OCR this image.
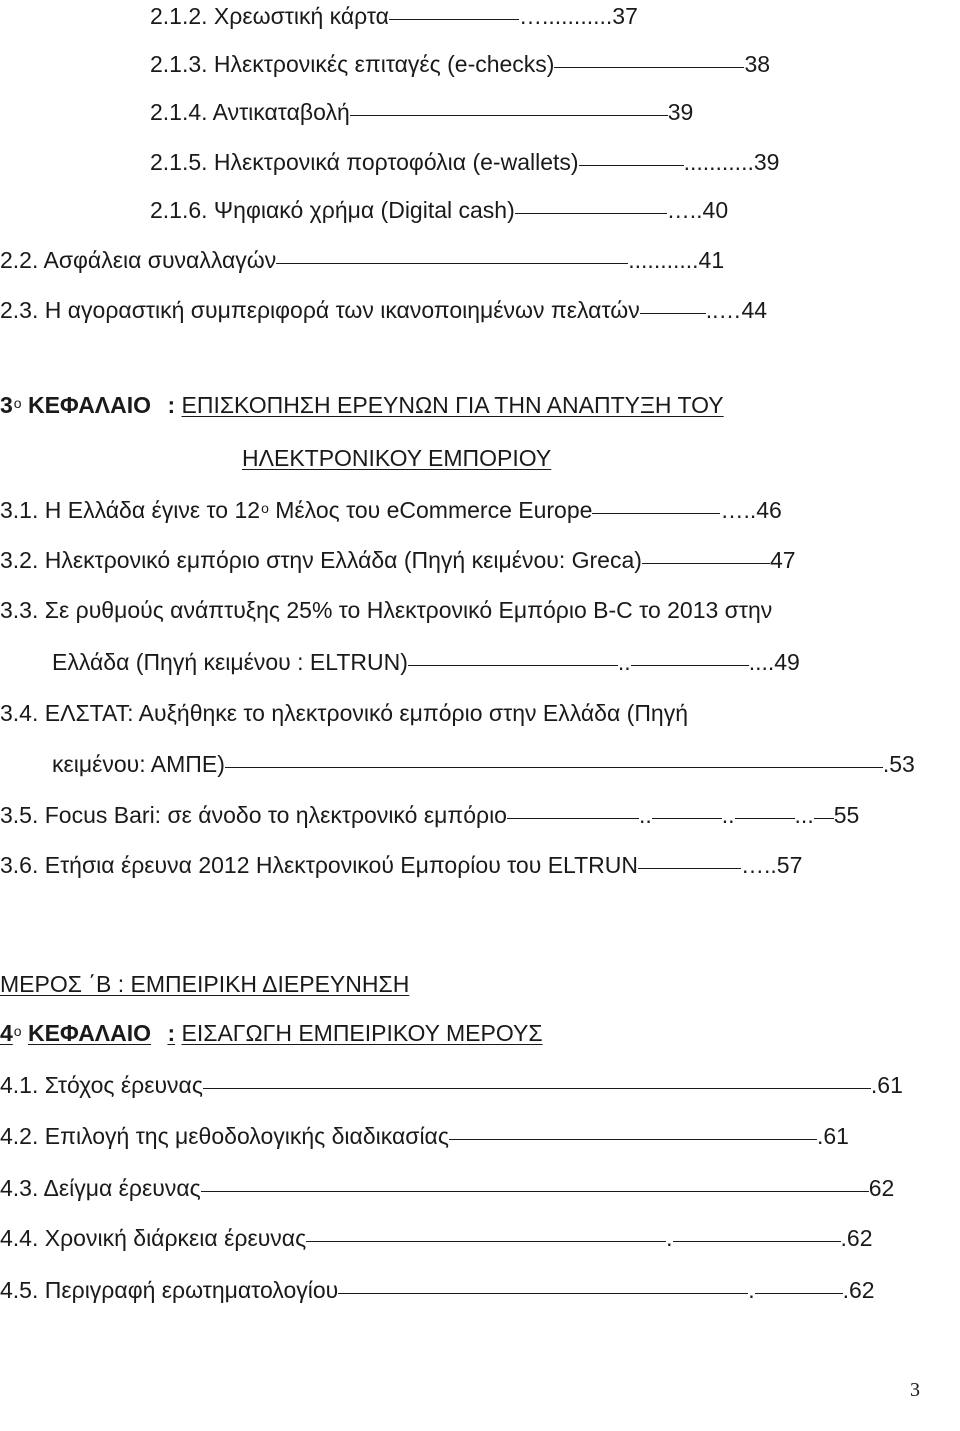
2.1.2. Χρεωστική κάρτα	…...........37
2.1.3. Ηλεκτρονικές επιταγές (e-checks)	38
2.1.4. Αντικαταβολή	39
2.1.5. Ηλεκτρονικά πορτοφόλια (e-wallets)	...........39
2.1.6. Ψηφιακό χρήμα (Digital cash)	…..40
2.2. Ασφάλεια συναλλαγών	...........41
2.3. Η αγοραστική συμπεριφορά των ικανοποιημένων πελατών	..…44
$3^o$ ΚΕΦΑΛΑΙΟ : ΕΠΙΣΚΟΠΗΣΗ ΕΡΕΥΝΩΝ ΓΙΑ ΤΗΝ ΑΝΑΠΤΥΞΗ ΤΟΥ
ΗΛΕΚΤΡΟΝΙΚΟΥ ΕΜΠΟΡΙΟΥ
3.1. Η Ελλάδα έγινε το $12^o$ Μέλος του eCommerce Europe	…..46
3.2. Ηλεκτρονικό εμπόριο στην Ελλάδα (Πηγή κειμένου: Greca)	47
3.3. Σε ρυθμούς ανάπτυξης 25% το Ηλεκτρονικό Εμπόριο B-C το 2013 στην
Ελλάδα (Πηγή κειμένου : ELTRUN)	..	....49
3.4. ΕΛΣΤΑΤ: Αυξήθηκε το ηλεκτρονικό εμπόριο στην Ελλάδα (Πηγή
κειμένου: ΑΜΠΕ)	.53
3.5. Focus Bari: σε άνοδο το ηλεκτρονικό εμπόριο	..	..	... 55
3.6. Ετήσια έρευνα 2012 Ηλεκτρονικού Εμπορίου του ELTRUN	…..57
ΜΕΡΟΣ ΄Β : ΕΜΠΕΙΡΙΚΗ ΔΙΕΡΕΥΝΗΣΗ
$4^o$ ΚΕΦΑΛΑΙΟ : ΕΙΣΑΓΩΓΗ ΕΜΠΕΙΡΙΚΟΥ ΜΕΡΟΥΣ
4.1. Στόχος έρευνας	.61
4.2. Επιλογή της μεθοδολογικής διαδικασίας	.61
4.3. Δείγμα έρευνας	62
4.4. Χρονική διάρκεια έρευνας	.	.62
4.5. Περιγραφή ερωτηματολογίου	.	.62
3
